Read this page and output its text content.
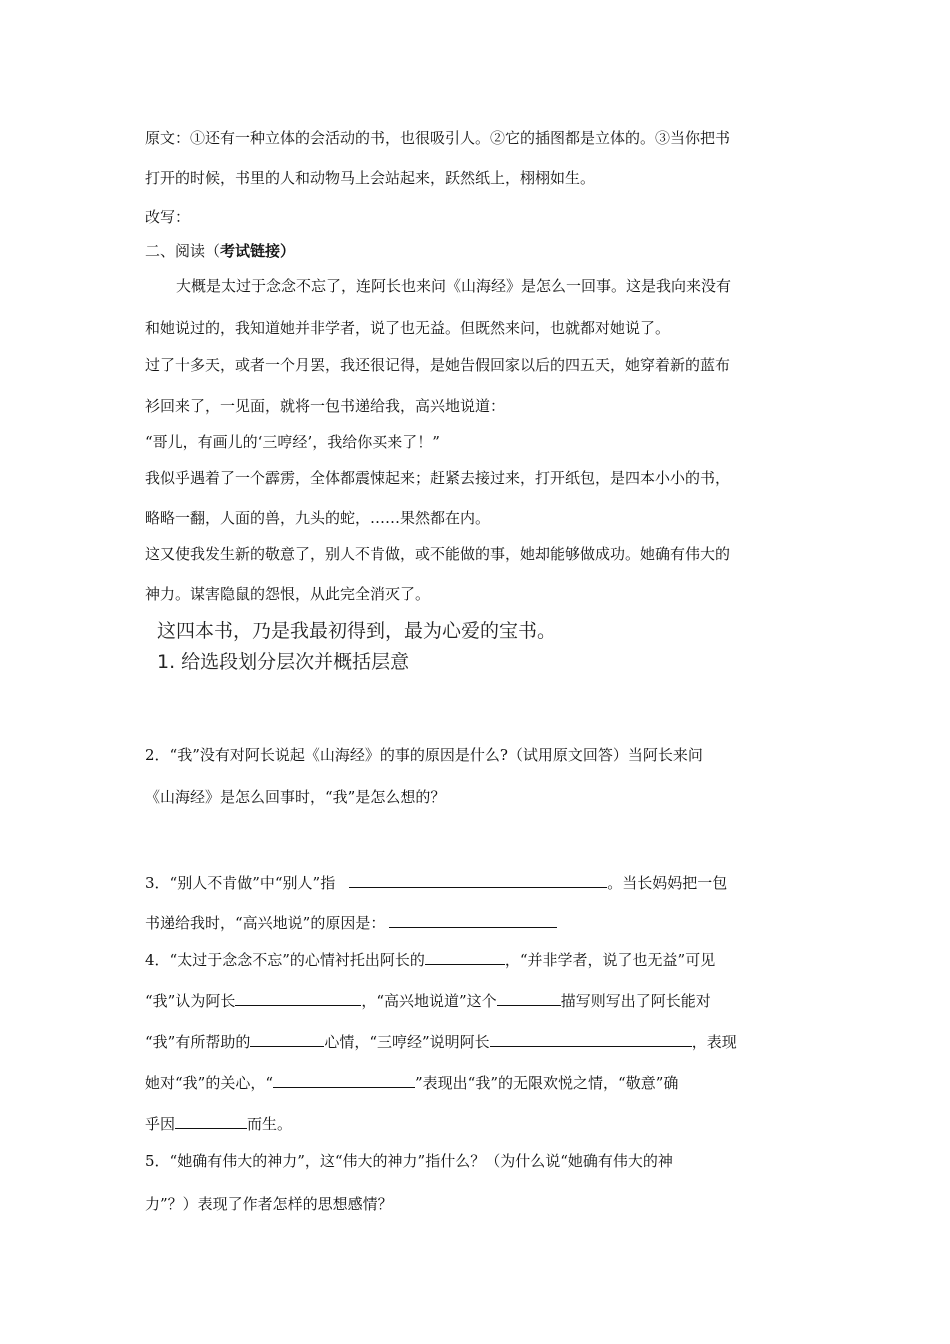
原文：①还有一种立体的会活动的书，也很吸引人。②它的插图都是立体的。③当你把书
打开的时候，书里的人和动物马上会站起来，跃然纸上，栩栩如生。
改写：
二、阅读（考试链接）
大概是太过于念念不忘了，连阿长也来问《山海经》是怎么一回事。这是我向来没有
和她说过的，我知道她并非学者，说了也无益。但既然来问，也就都对她说了。
过了十多天，或者一个月罢，我还很记得，是她告假回家以后的四五天，她穿着新的蓝布
衫回来了，一见面，就将一包书递给我，高兴地说道：
“哥儿，有画儿的‘三哼经’，我给你买来了！”
我似乎遇着了一个霹雳，全体都震悚起来；赶紧去接过来，打开纸包，是四本小小的书，
略略一翻，人面的兽，九头的蛇，……果然都在内。
这又使我发生新的敬意了，别人不肯做，或不能做的事，她却能够做成功。她确有伟大的
神力。谋害隐鼠的怨恨，从此完全消灭了。
这四本书，乃是我最初得到，最为心爱的宝书。
1. 给选段划分层次并概括层意
2．“我”没有对阿长说起《山海经》的事的原因是什么?（试用原文回答）当阿长来问
《山海经》是怎么回事时，“我”是怎么想的？
3．“别人不肯做”中“别人”指	。当长妈妈把一包
书递给我时，“高兴地说”的原因是：
4．“太过于念念不忘”的心情衬托出阿长的	，“并非学者，说了也无益”可见
“我”认为阿长	，“高兴地说道”这个	描写则写出了阿长能对
“我”有所帮助的	心情，“三哼经”说明阿长	，表现
她对“我”的关心，“	”表现出“我”的无限欢悦之情，“敬意”确
乎因	而生。
5．“她确有伟大的神力”，这“伟大的神力”指什么？（为什么说“她确有伟大的神
力”？）表现了作者怎样的思想感情？
